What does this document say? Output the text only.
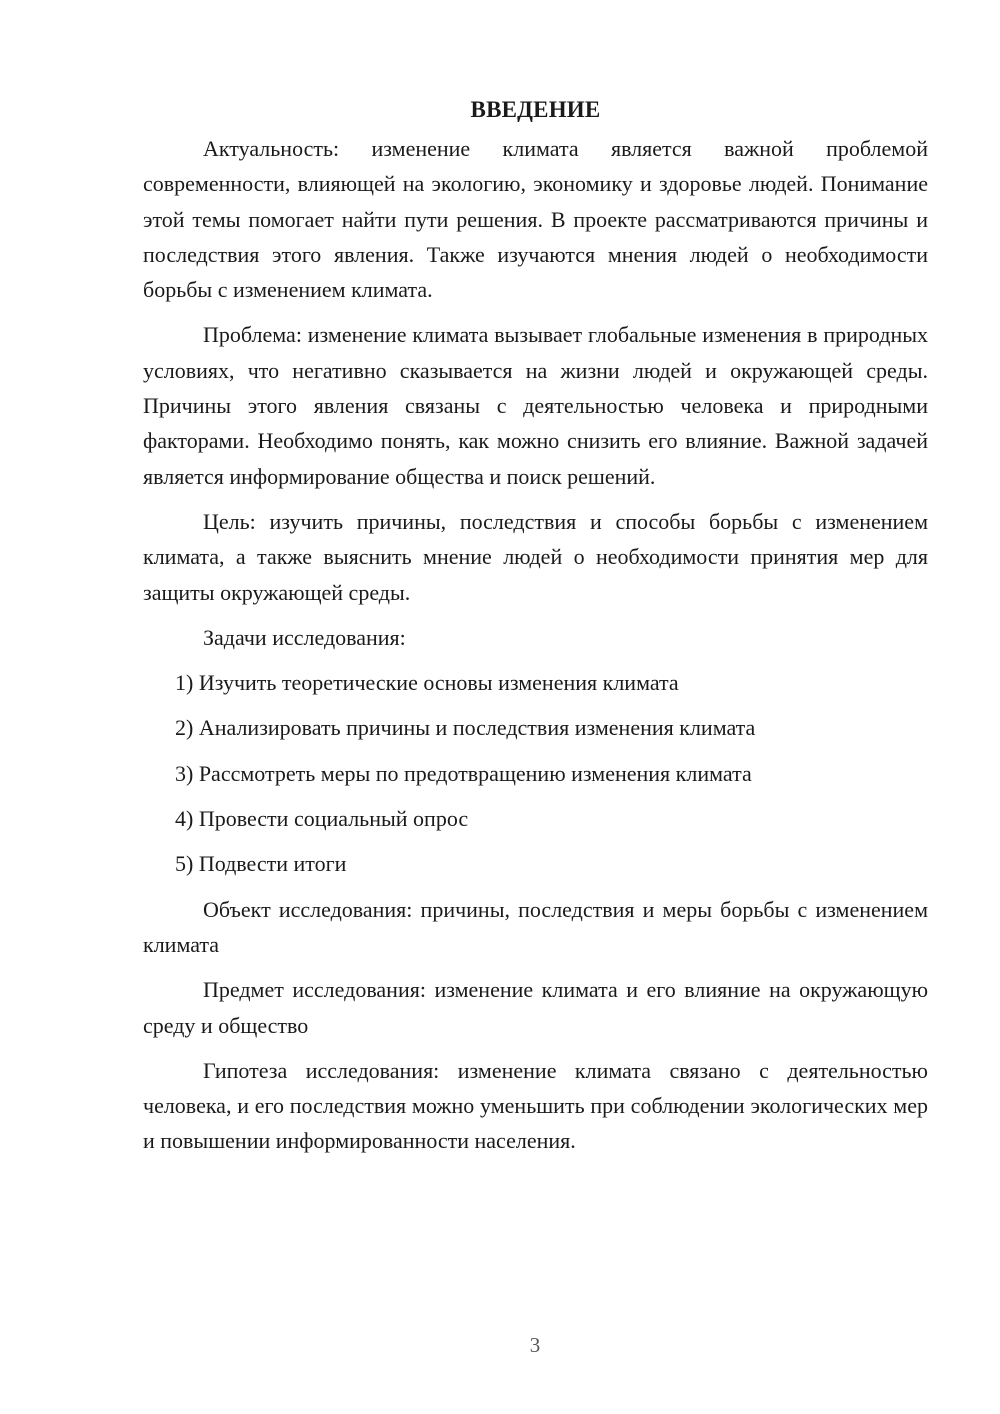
ВВЕДЕНИЕ

Актуальность: изменение климата является важной проблемой современности, влияющей на экологию, экономику и здоровье людей. Понимание этой темы помогает найти пути решения. В проекте рассматриваются причины и последствия этого явления. Также изучаются мнения людей о необходимости борьбы с изменением климата.

Проблема: изменение климата вызывает глобальные изменения в природных условиях, что негативно сказывается на жизни людей и окружающей среды. Причины этого явления связаны с деятельностью человека и природными факторами. Необходимо понять, как можно снизить его влияние. Важной задачей является информирование общества и поиск решений.

Цель: изучить причины, последствия и способы борьбы с изменением климата, а также выяснить мнение людей о необходимости принятия мер для защиты окружающей среды.

Задачи исследования:

1) Изучить теоретические основы изменения климата
2) Анализировать причины и последствия изменения климата
3) Рассмотреть меры по предотвращению изменения климата
4) Провести социальный опрос
5) Подвести итоги

Объект исследования: причины, последствия и меры борьбы с изменением климата

Предмет исследования: изменение климата и его влияние на окружающую среду и общество

Гипотеза исследования: изменение климата связано с деятельностью человека, и его последствия можно уменьшить при соблюдении экологических мер и повышении информированности населения.

3
